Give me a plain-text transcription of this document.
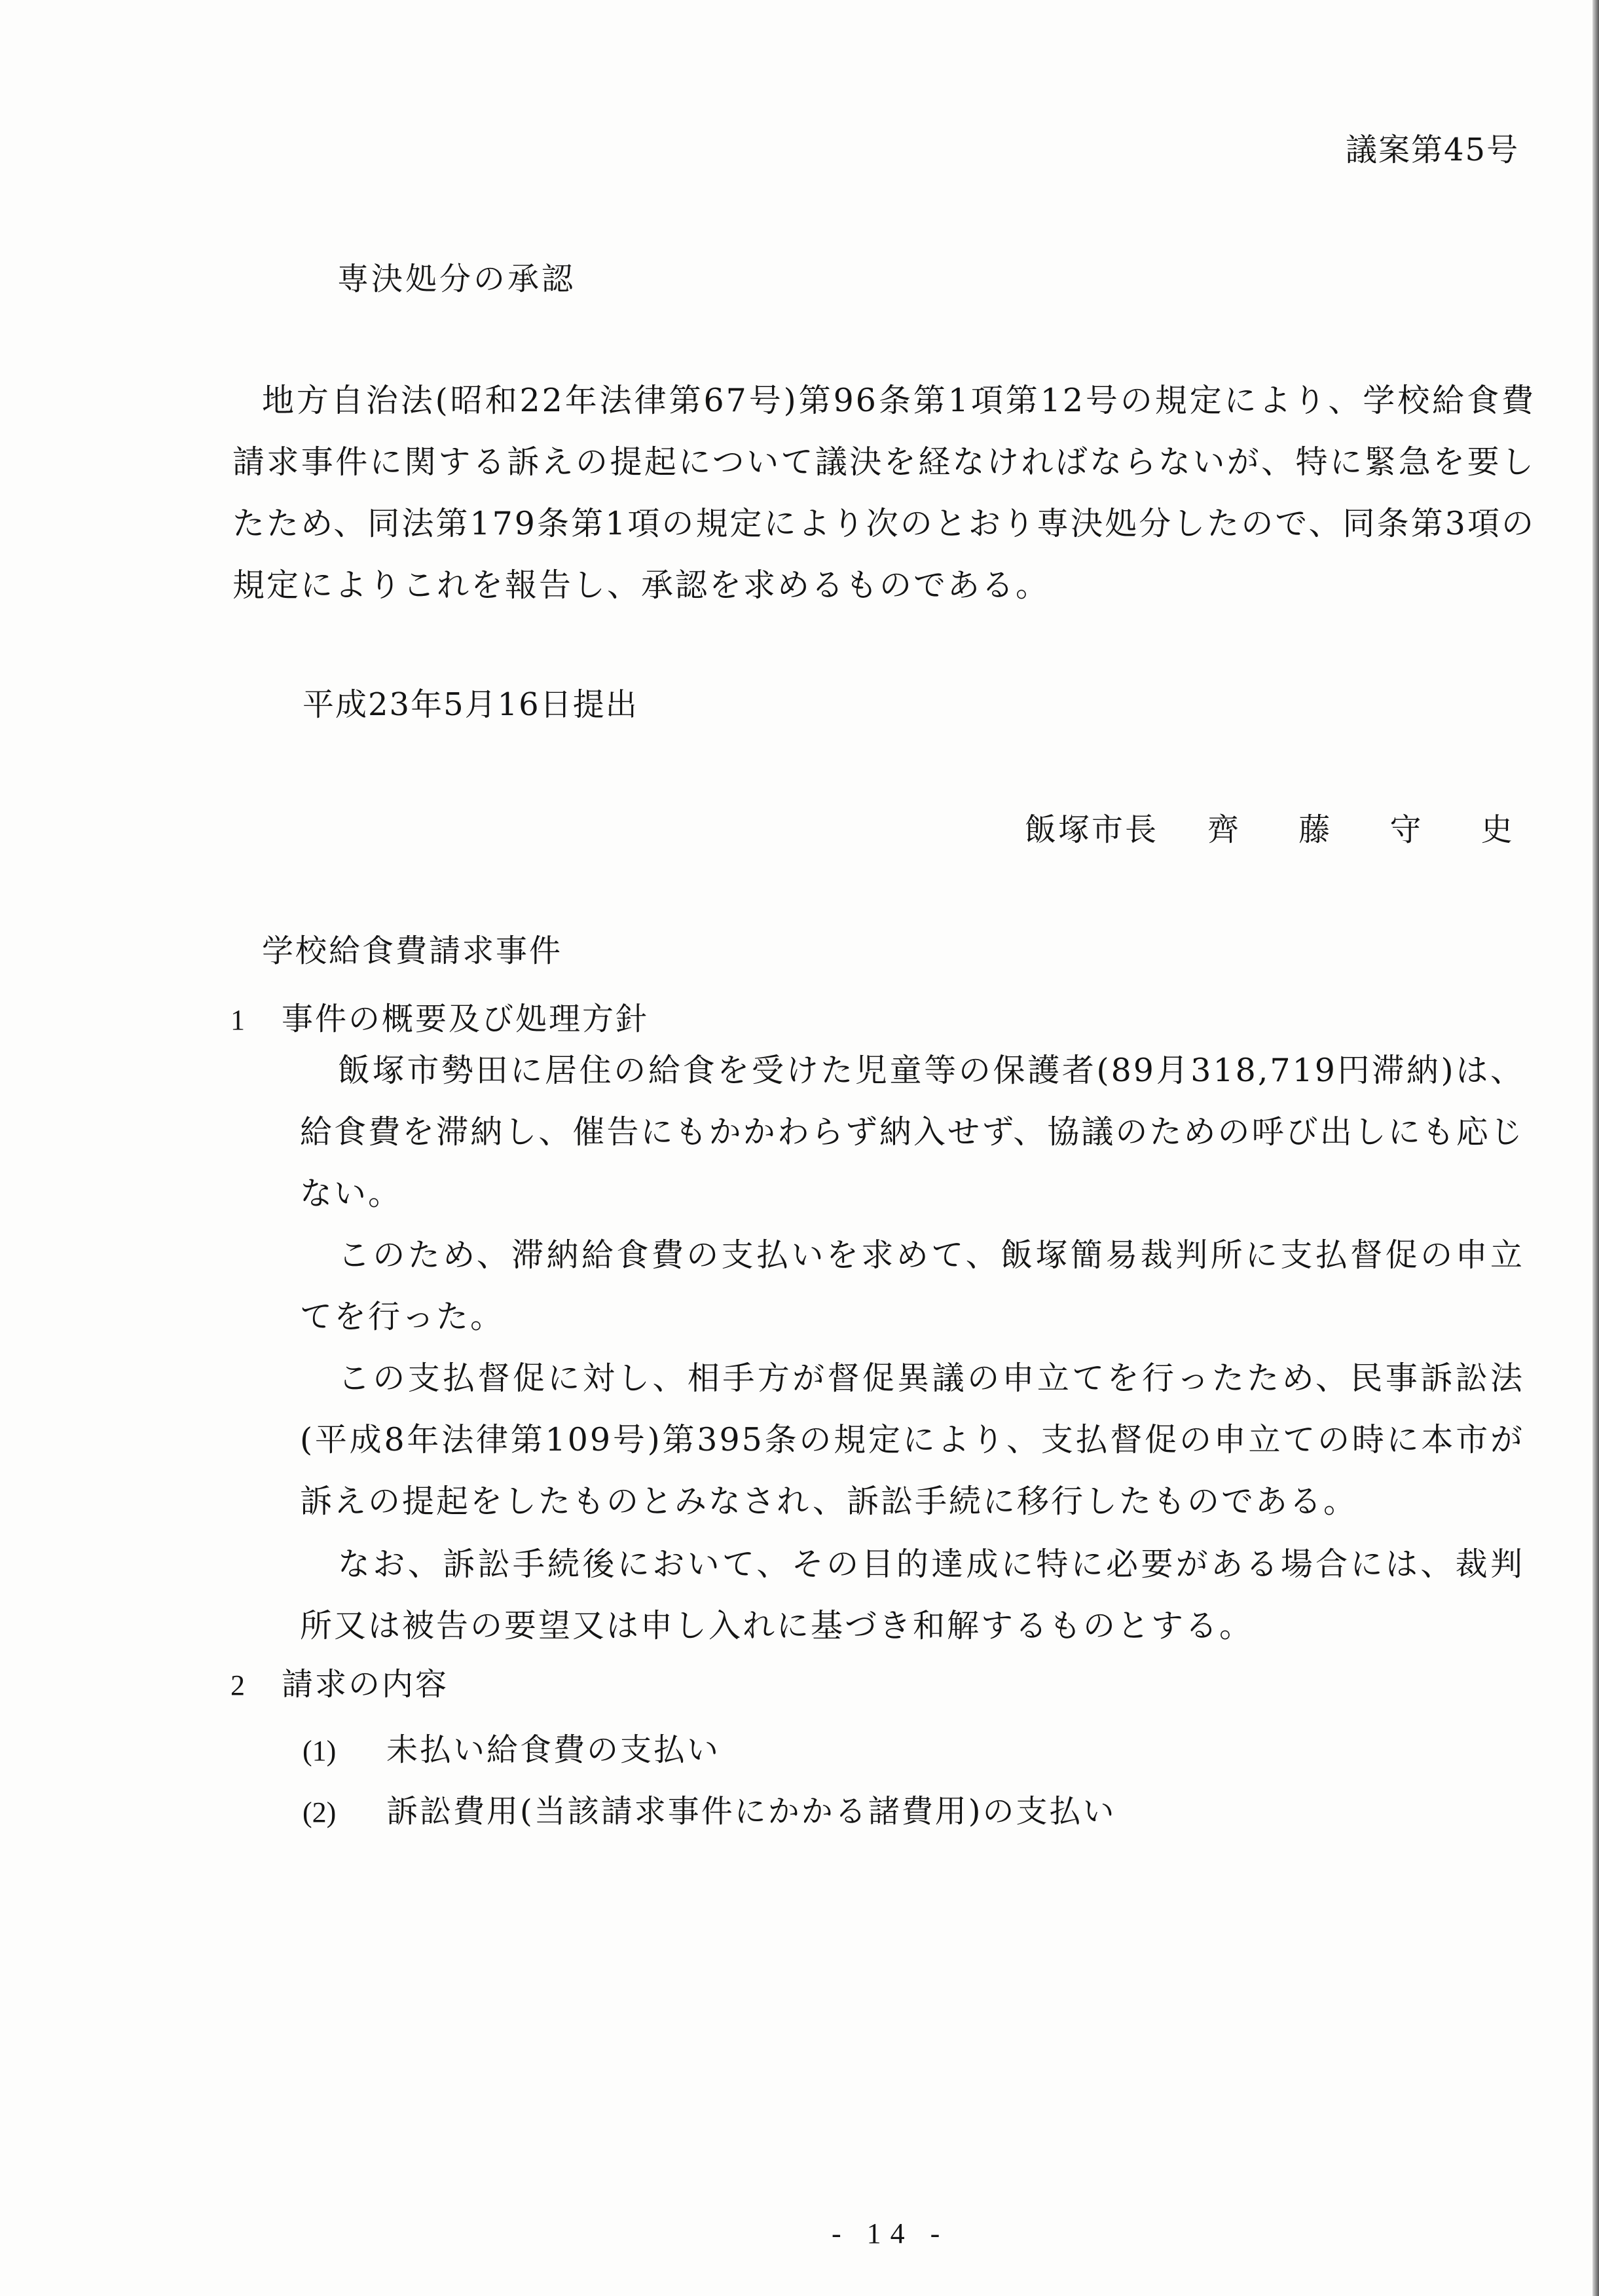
議案第45号
専決処分の承認
地方自治法(昭和22年法律第67号)第96条第1項第12号の規定により、学校給食費請求事件に関する訴えの提起について議決を経なければならないが、特に緊急を要したため、同法第179条第1項の規定により次のとおり専決処分したので、同条第3項の規定によりこれを報告し、承認を求めるものである。
平成23年5月16日提出
飯塚市長 齊 藤 守 史
学校給食費請求事件
1 事件の概要及び処理方針
飯塚市勢田に居住の給食を受けた児童等の保護者(89月318,719円滞納)は、給食費を滞納し、催告にもかかわらず納入せず、協議のための呼び出しにも応じない。
このため、滞納給食費の支払いを求めて、飯塚簡易裁判所に支払督促の申立てを行った。
この支払督促に対し、相手方が督促異議の申立てを行ったため、民事訴訟法(平成8年法律第109号)第395条の規定により、支払督促の申立ての時に本市が訴えの提起をしたものとみなされ、訴訟手続に移行したものである。
なお、訴訟手続後において、その目的達成に特に必要がある場合には、裁判所又は被告の要望又は申し入れに基づき和解するものとする。
2 請求の内容
(1) 未払い給食費の支払い
(2) 訴訟費用(当該請求事件にかかる諸費用)の支払い
- 14 -
